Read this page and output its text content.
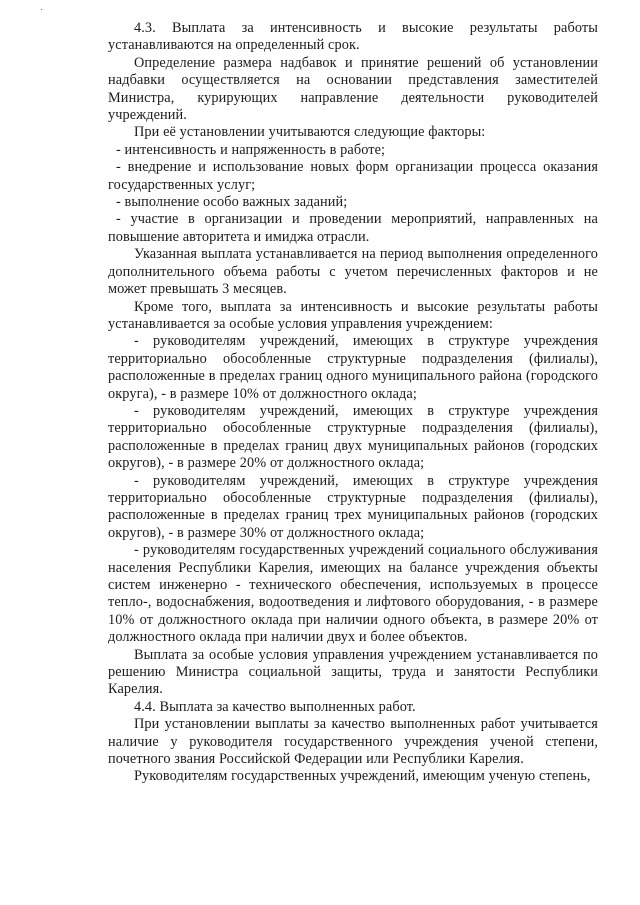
˙

4.3. Выплата за интенсивность и высокие результаты работы устанавливаются на определенный срок.

Определение размера надбавок и принятие решений об установлении надбавки осуществляется на основании представления заместителей Министра, курирующих направление деятельности руководителей учреждений.

При её установлении учитываются следующие факторы:

- интенсивность и напряженность в работе;

- внедрение и использование новых форм организации процесса оказания государственных услуг;

- выполнение особо важных заданий;

- участие в организации и проведении мероприятий, направленных на повышение авторитета и имиджа отрасли.

Указанная выплата устанавливается на период выполнения определенного дополнительного объема работы с учетом перечисленных факторов и не может превышать 3 месяцев.

Кроме того, выплата за интенсивность и высокие результаты работы устанавливается за особые условия управления учреждением:

- руководителям учреждений, имеющих в структуре учреждения территориально обособленные структурные подразделения (филиалы), расположенные в пределах границ одного муниципального района (городского округа), - в размере 10% от должностного оклада;

- руководителям учреждений, имеющих в структуре учреждения территориально обособленные структурные подразделения (филиалы), расположенные в пределах границ двух муниципальных районов (городских округов), - в размере 20% от должностного оклада;

- руководителям учреждений, имеющих в структуре учреждения территориально обособленные структурные подразделения (филиалы), расположенные в пределах границ трех муниципальных районов (городских округов), - в размере 30% от должностного оклада;

- руководителям государственных учреждений социального обслуживания населения Республики Карелия, имеющих на балансе учреждения объекты систем инженерно - технического обеспечения, используемых в процессе тепло-, водоснабжения, водоотведения и лифтового оборудования, - в размере 10% от должностного оклада при наличии одного объекта, в размере 20% от должностного оклада при наличии двух и более объектов.

Выплата за особые условия управления учреждением устанавливается по решению Министра социальной защиты, труда и занятости Республики Карелия.

4.4. Выплата за качество выполненных работ.

При установлении выплаты за качество выполненных работ учитывается наличие у руководителя государственного учреждения ученой степени, почетного звания Российской Федерации или Республики Карелия.

Руководителям государственных учреждений, имеющим ученую степень,
